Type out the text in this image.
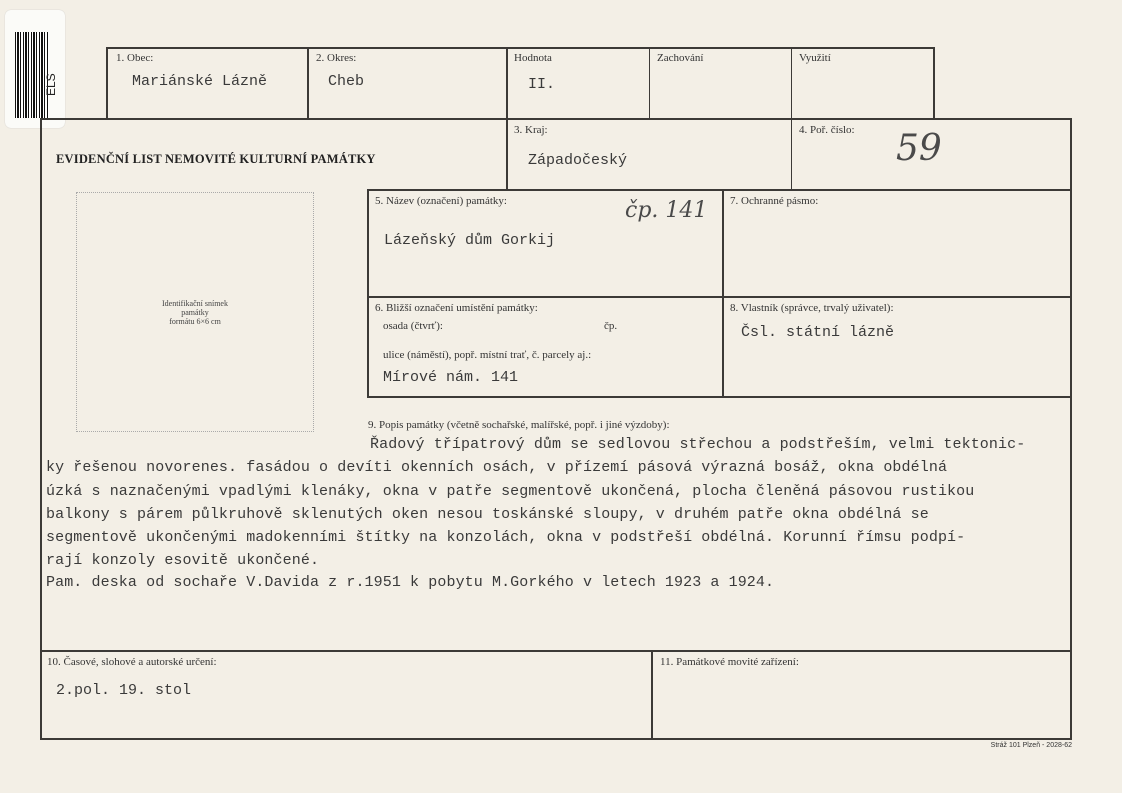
ELS
1. Obec:
Mariánské Lázně
2. Okres:
Cheb
Hodnota
II.
Zachování	Využití
EVIDENČNÍ LIST NEMOVITÉ KULTURNÍ PAMÁTKY
3. Kraj:
Západočeský
4. Poř. číslo: 59
Identifikační snímek
památky
formátu 6×6 cm
5. Název (označení) památky:
Lázeňský dům Gorkij
čp. 141 7. Ochranné pásmo:
6. Bližší označení umístění památky:
osada (čtvrť):	čp.
ulice (náměstí), popř. místní trať, č. parcely aj.:
Mírové nám. 141
8. Vlastník (správce, trvalý uživatel):
Čsl. státní lázně
9. Popis památky (včetně sochařské, malířské, popř. i jiné výzdoby):
Řadový třípatrový dům se sedlovou střechou a podstřeším, velmi tektonic-
ky řešenou novorenes. fasádou o devíti okenních osách, v přízemí pásová výrazná bosáž, okna obdélná
úzká s naznačenými vpadlými klenáky, okna v patře segmentově ukončená, plocha členěná pásovou rustikou
balkony s párem půlkruhově sklenutých oken nesou toskánské sloupy, v druhém patře okna obdélná se
segmentově ukončenými madokenními štítky na konzolách, okna v podstřeší obdélná. Korunní římsu podpí-
rají konzoly esovitě ukončené.
Pam. deska od sochaře V.Davida z r.1951 k pobytu M.Gorkého v letech 1923 a 1924.
10. Časové, slohové a autorské určení:
2.pol. 19. stol
11. Památkové movité zařízení:
Stráž 101 Plzeň - 2028-62
